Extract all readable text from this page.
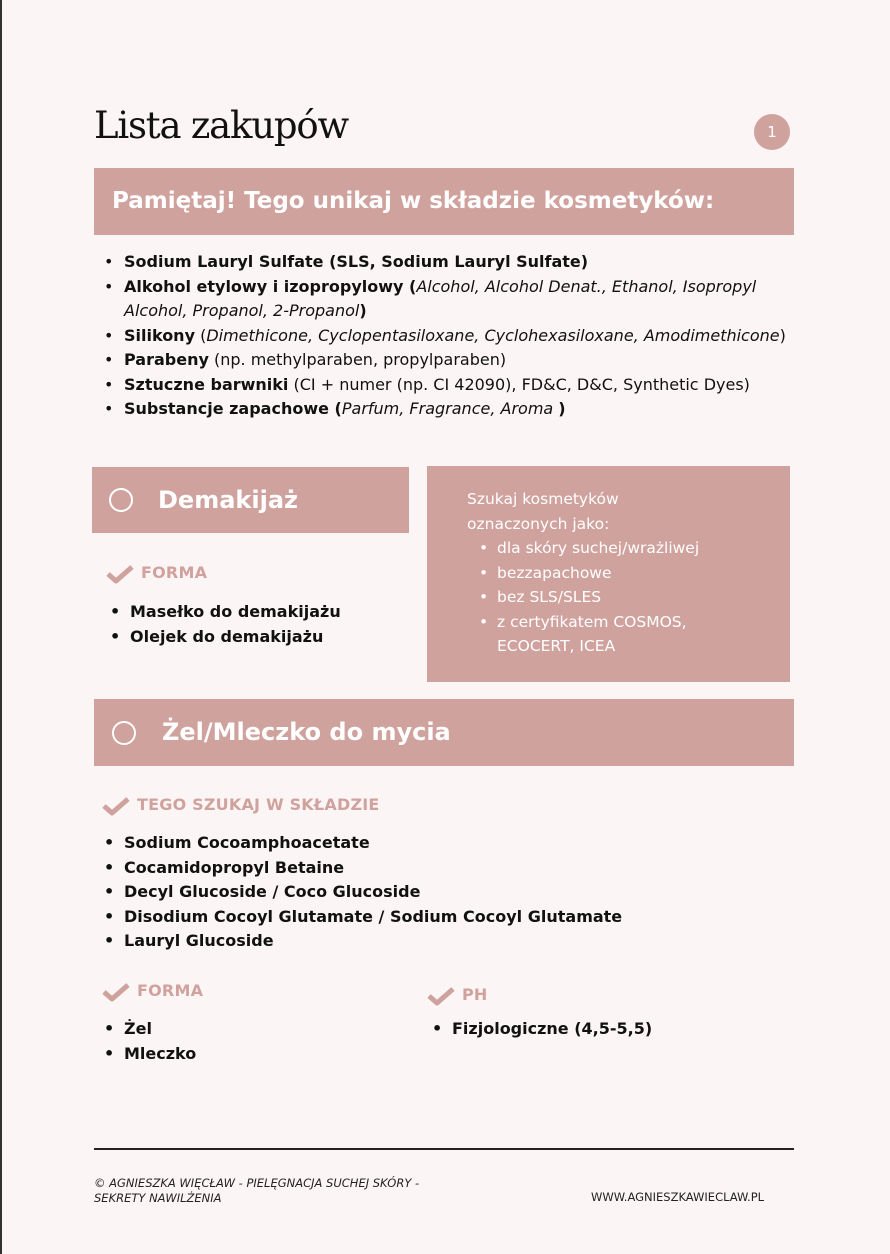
Lista zakupów	1
Pamiętaj! Tego unikaj w składzie kosmetyków:
• Sodium Lauryl Sulfate (SLS, Sodium Lauryl Sulfate)
• Alkohol etylowy i izopropylowy (Alcohol, Alcohol Denat., Ethanol, Isopropyl Alcohol, Propanol, 2-Propanol)
• Silikony (Dimethicone, Cyclopentasiloxane, Cyclohexasiloxane, Amodimethicone)
• Parabeny (np. methylparaben, propylparaben)
• Sztuczne barwniki (CI + numer (np. CI 42090), FD&C, D&C, Synthetic Dyes)
• Substancje zapachowe (Parfum, Fragrance, Aroma )
Demakijaż	Szukaj kosmetyków oznaczonych jako:
• dla skóry suchej/wrażliwej
• bezzapachowe
• bez SLS/SLES
• z certyfikatem COSMOS, ECOCERT, ICEA
FORMA
• Masełko do demakijażu
• Olejek do demakijażu
Żel/Mleczko do mycia
TEGO SZUKAJ W SKŁADZIE
• Sodium Cocoamphoacetate
• Cocamidopropyl Betaine
• Decyl Glucoside / Coco Glucoside
• Disodium Cocoyl Glutamate / Sodium Cocoyl Glutamate
• Lauryl Glucoside
FORMA
• Żel
• Mleczko
PH
• Fizjologiczne (4,5-5,5)
© AGNIESZKA WIĘCŁAW - PIELĘGNACJA SUCHEJ SKÓRY -
SEKRETY NAWILŻENIA	WWW.AGNIESZKAWIECLAW.PL
